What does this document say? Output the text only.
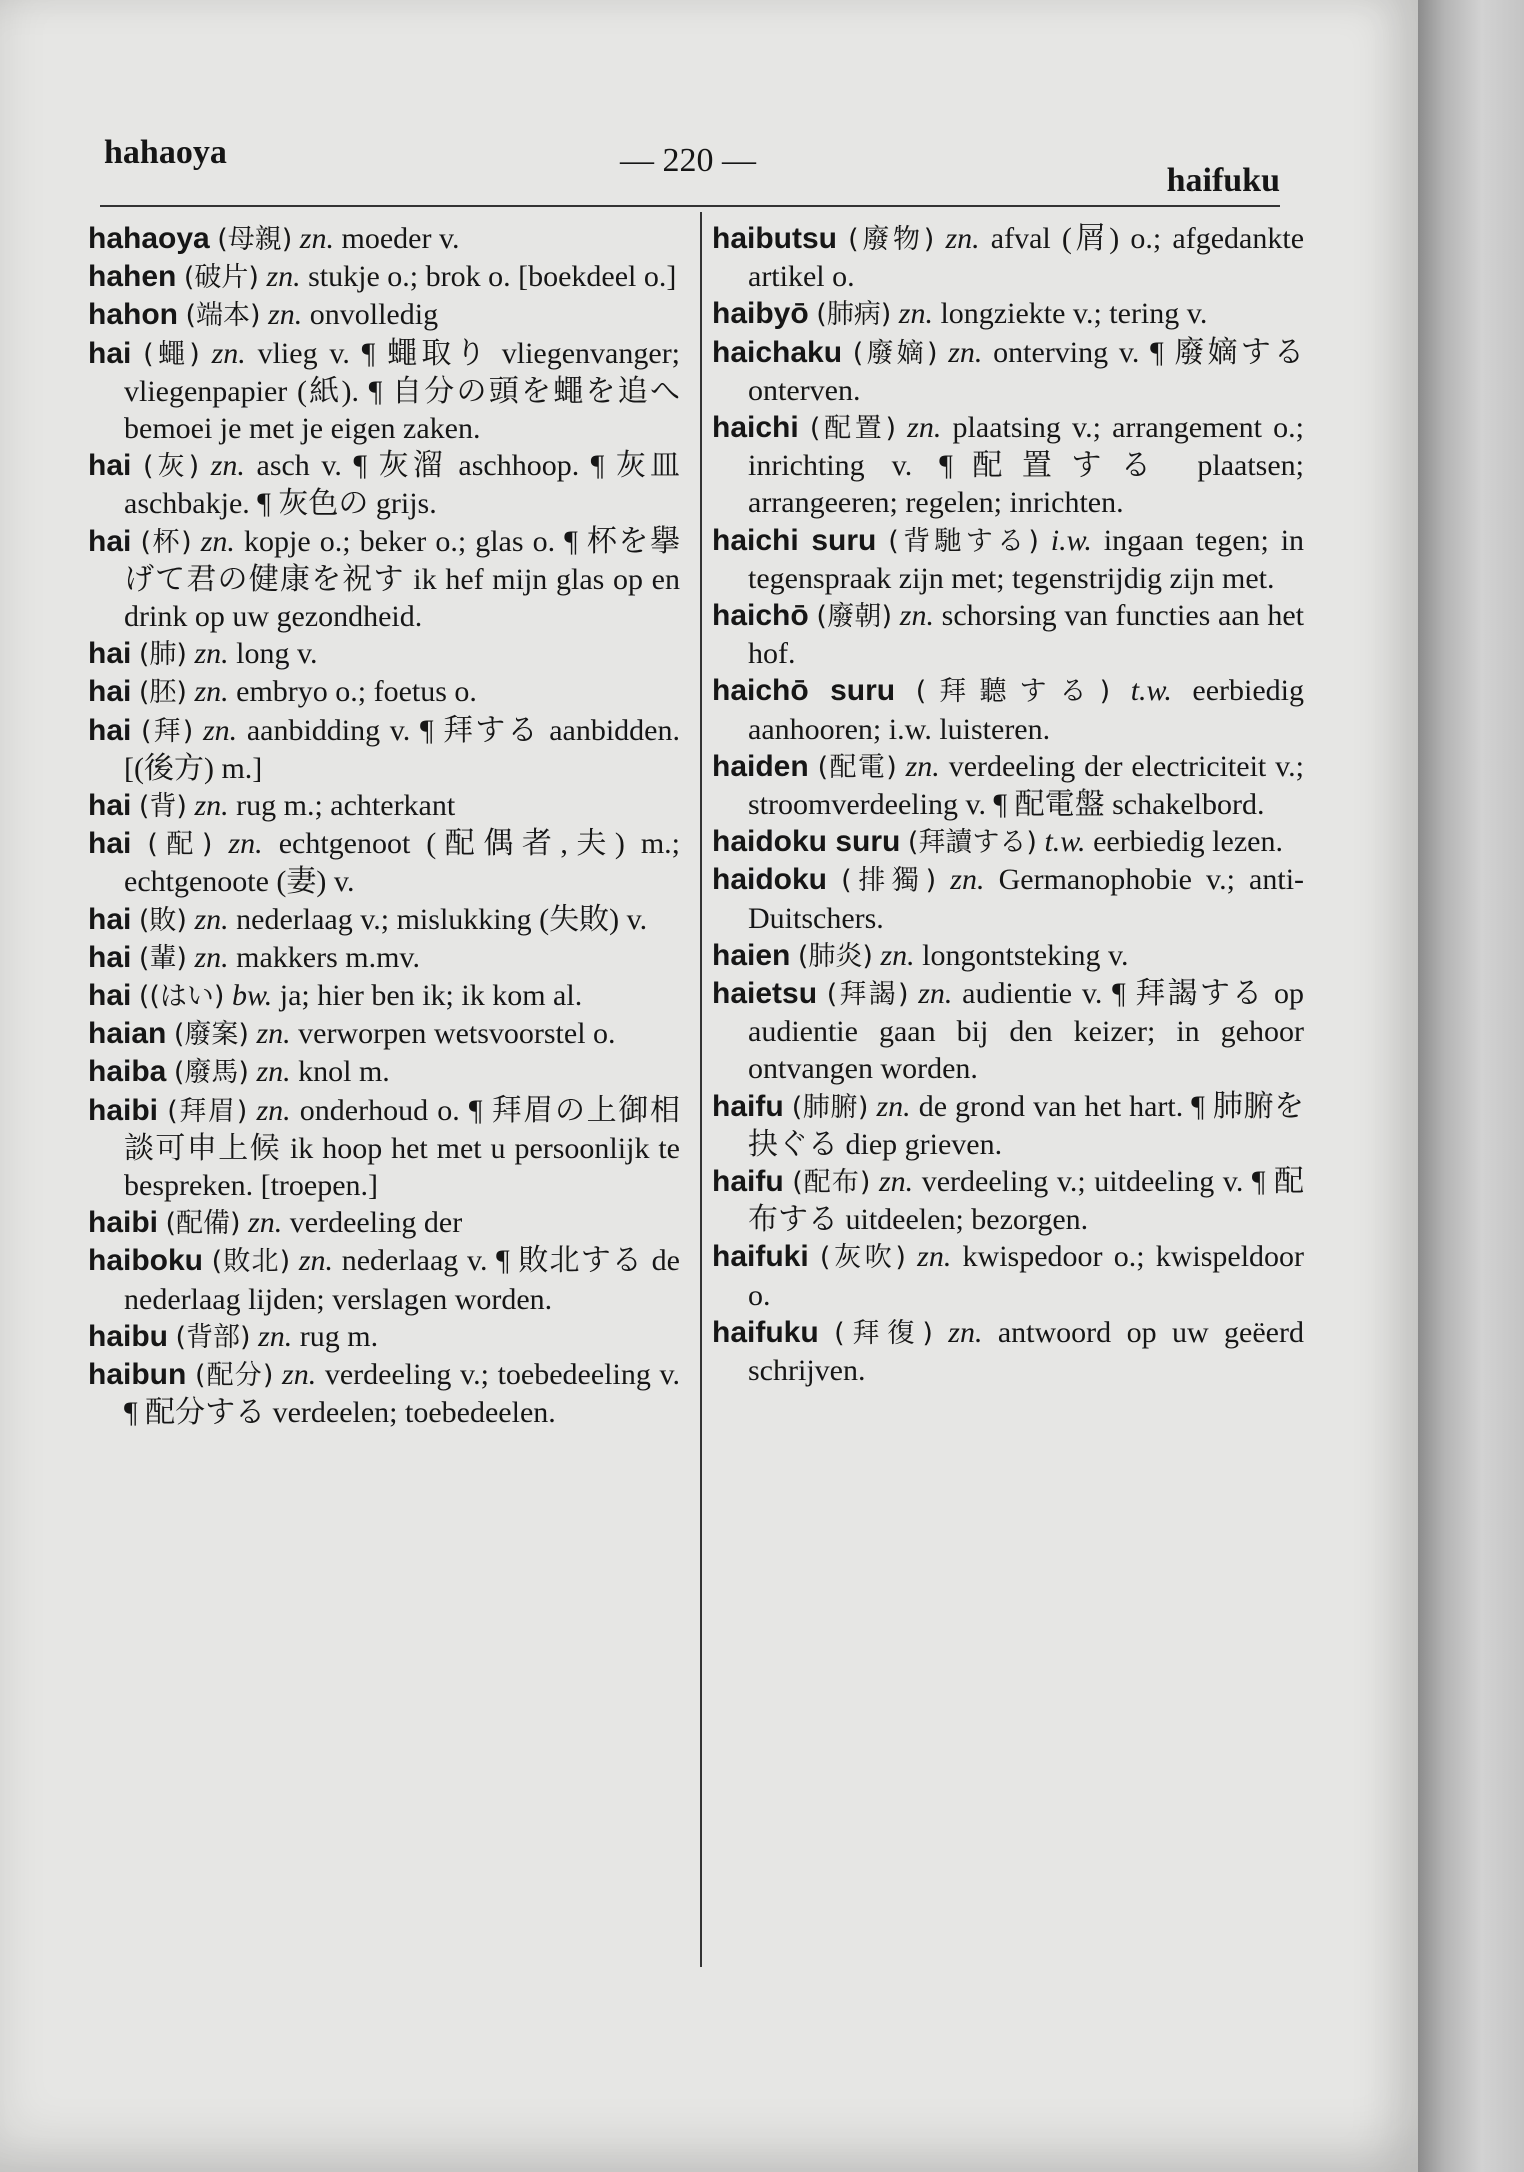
hahaoya	— 220 —
haifuku

hahaoya (母親) zn. moeder v.

hahen (破片) zn. stukje o.; brok o. [boekdeel o.]

hahon (端本) zn. onvolledig

hai (蠅) zn. vlieg v. ¶ 蠅取り vliegenvanger; vliegenpapier (紙). ¶ 自分の頭を蠅を追へ bemoei je met je eigen zaken.

hai (灰) zn. asch v. ¶ 灰溜 aschhoop. ¶ 灰皿 aschbakje. ¶ 灰色の grijs.

hai (杯) zn. kopje o.; beker o.; glas o. ¶ 杯を擧げて君の健康を祝す ik hef mijn glas op en drink op uw gezondheid.

hai (肺) zn. long v.

hai (胚) zn. embryo o.; foetus o.

hai (拜) zn. aanbidding v. ¶ 拜する aanbidden. [(後方) m.]

hai (背) zn. rug m.; achterkant

hai (配) zn. echtgenoot (配偶者,夫) m.; echtgenoote (妻) v.

hai (敗) zn. nederlaag v.; mislukking (失敗) v.

hai (輩) zn. makkers m.mv.

hai ((はい) bw. ja; hier ben ik; ik kom al.

haian (廢案) zn. verworpen wetsvoorstel o.

haiba (廢馬) zn. knol m.

haibi (拜眉) zn. onderhoud o. ¶ 拜眉の上御相談可申上候 ik hoop het met u persoonlijk te bespreken. [troepen.]

haibi (配備) zn. verdeeling der

haiboku (敗北) zn. nederlaag v. ¶ 敗北する de nederlaag lijden; verslagen worden.

haibu (背部) zn. rug m.

haibun (配分) zn. verdeeling v.; toebedeeling v. ¶ 配分する verdeelen; toebedeelen.

haibutsu (廢物) zn. afval (屑) o.; afgedankte artikel o.

haibyō (肺病) zn. longziekte v.; tering v.

haichaku (廢嫡) zn. onterving v. ¶ 廢嫡する onterven.

haichi (配置) zn. plaatsing v.; arrangement o.; inrichting v. ¶配置する plaatsen; arrangeeren; regelen; inrichten.

haichi suru (背馳する) i.w. ingaan tegen; in tegenspraak zijn met; tegenstrijdig zijn met.

haichō (廢朝) zn. schorsing van functies aan het hof.

haichō suru (拜聽する) t.w. eerbiedig aanhooren; i.w. luisteren.

haiden (配電) zn. verdeeling der electriciteit v.; stroomverdeeling v. ¶ 配電盤 schakelbord.

haidoku suru (拜讀する) t.w. eerbiedig lezen.

haidoku (排獨) zn. Germanophobie v.; anti-Duitschers.

haien (肺炎) zn. longontsteking v.

haietsu (拜謁) zn. audientie v. ¶ 拜謁する op audientie gaan bij den keizer; in gehoor ontvangen worden.

haifu (肺腑) zn. de grond van het hart. ¶ 肺腑を抉ぐる diep grieven.

haifu (配布) zn. verdeeling v.; uitdeeling v. ¶ 配布する uitdeelen; bezorgen.

haifuki (灰吹) zn. kwispedoor o.; kwispeldoor o.

haifuku (拜復) zn. antwoord op uw geëerd schrijven.
